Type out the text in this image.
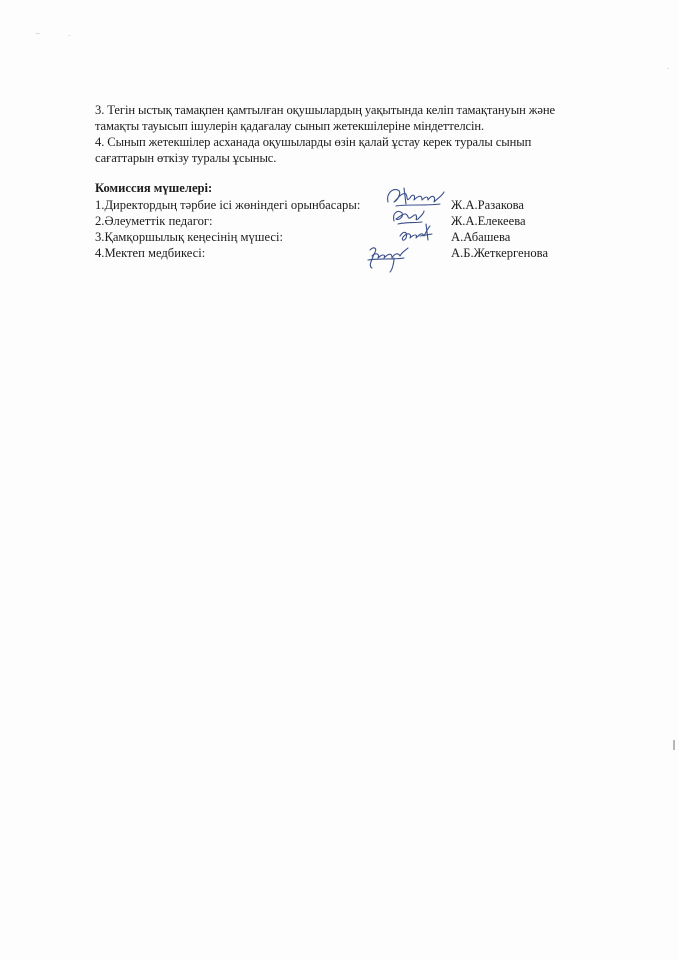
–	·
·

3. Тегін ыстық тамақпен қамтылған оқушылардың уақытында келіп тамақтануын және

тамақты тауысып ішулерін қадағалау сынып жетекшілеріне міндеттелсін.

4. Сынып жетекшілер асханада оқушыларды өзін қалай ұстау керек туралы сынып

сағаттарын өткізу туралы ұсыныс.

Комиссия мүшелері:
1.Директордың тәрбие ісі жөніндегі орынбасары:	Ж.А.Разакова
2.Әлеуметтік педагог:	Ж.А.Елекеева
3.Қамқоршылық кеңесінің мүшесі:	А.Абашева
4.Мектеп медбикесі:	А.Б.Жеткергенова
